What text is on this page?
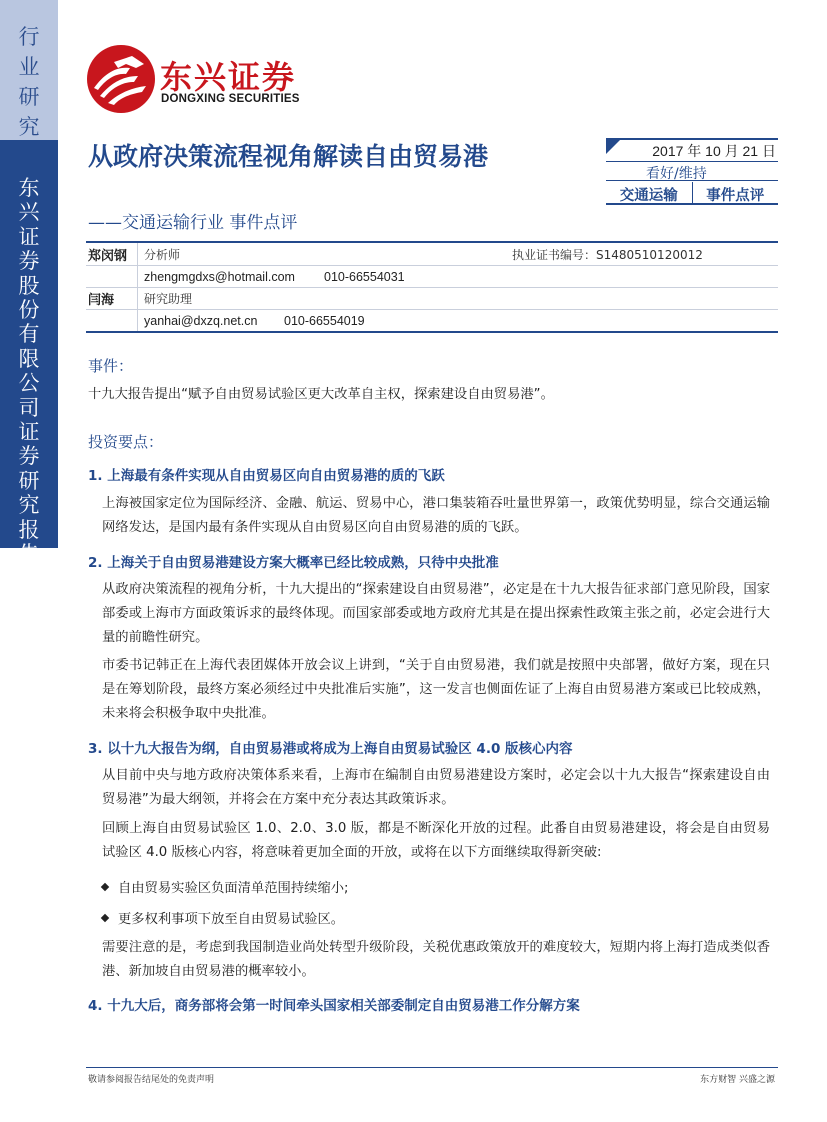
行
业
研
究
东
兴
证
券
股
份
有
限
公
司
证
券
研
究
报
告
东兴证券
DONGXING SECURITIES
从政府决策流程视角解读自由贸易港
——交通运输行业 事件点评
2017 年 10 月 21 日
看好/维持
交通运输	事件点评
郑闵钢	分析师	执业证书编号：S1480510120012
zhengmgdxs@hotmail.com	010-66554031
闫海	研究助理
yanhai@dxzq.net.cn	010-66554019
事件：
十九大报告提出“赋予自由贸易试验区更大改革自主权，探索建设自由贸易港”。
投资要点：
1. 上海最有条件实现从自由贸易区向自由贸易港的质的飞跃
上海被国家定位为国际经济、金融、航运、贸易中心，港口集装箱吞吐量世界第一，政策优势明显，综合交通运输网络发达，是国内最有条件实现从自由贸易区向自由贸易港的质的飞跃。
2. 上海关于自由贸易港建设方案大概率已经比较成熟，只待中央批准
从政府决策流程的视角分析，十九大提出的“探索建设自由贸易港”，必定是在十九大报告征求部门意见阶段，国家部委或上海市方面政策诉求的最终体现。而国家部委或地方政府尤其是在提出探索性政策主张之前，必定会进行大量的前瞻性研究。
市委书记韩正在上海代表团媒体开放会议上讲到，“关于自由贸易港，我们就是按照中央部署，做好方案，现在只是在筹划阶段，最终方案必须经过中央批准后实施”，这一发言也侧面佐证了上海自由贸易港方案或已比较成熟，未来将会积极争取中央批准。
3. 以十九大报告为纲，自由贸易港或将成为上海自由贸易试验区 4.0 版核心内容
从目前中央与地方政府决策体系来看，上海市在编制自由贸易港建设方案时，必定会以十九大报告“探索建设自由贸易港”为最大纲领，并将会在方案中充分表达其政策诉求。
回顾上海自由贸易试验区 1.0、2.0、3.0 版，都是不断深化开放的过程。此番自由贸易港建设，将会是自由贸易试验区 4.0 版核心内容，将意味着更加全面的开放，或将在以下方面继续取得新突破:
自由贸易实验区负面清单范围持续缩小;
更多权利事项下放至自由贸易试验区。
需要注意的是，考虑到我国制造业尚处转型升级阶段，关税优惠政策放开的难度较大，短期内将上海打造成类似香港、新加坡自由贸易港的概率较小。
4. 十九大后，商务部将会第一时间牵头国家相关部委制定自由贸易港工作分解方案
敬请参阅报告结尾处的免责声明	东方财智 兴盛之源
